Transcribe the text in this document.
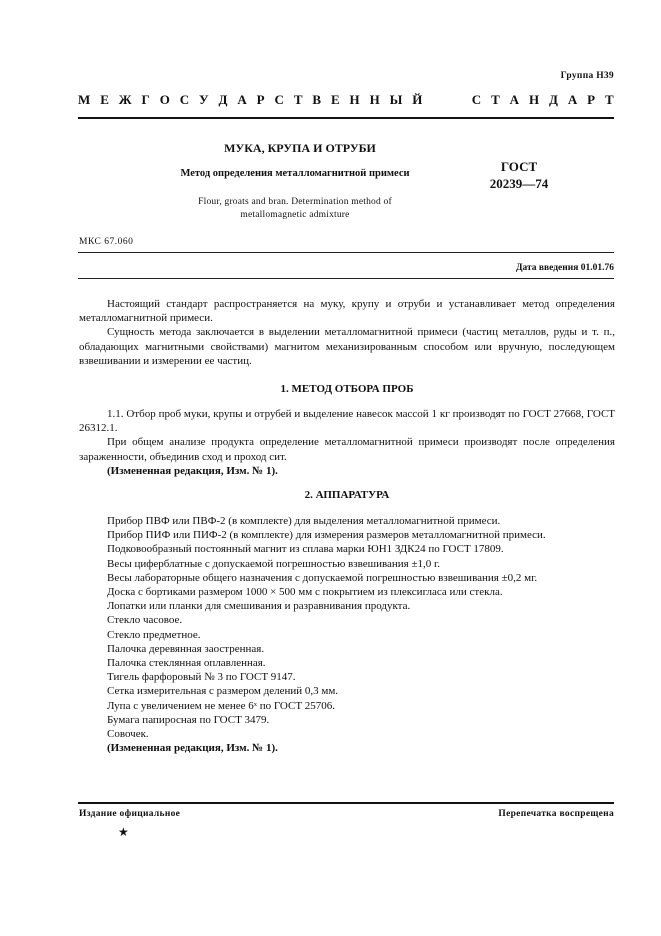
Группа Н39
М Е Ж Г О С У Д А Р С Т В Е Н Н Ы Й

	С Т А Н Д А Р Т
МУКА, КРУПА И ОТРУБИ
Метод определения металломагнитной примеси	ГОСТ
20239—74
Flour, groats and bran. Determination method of
metallomagnetic admixture
МКС 67.060
Дата введения 01.01.76

Настоящий стандарт распространяется на муку, крупу и отруби и устанавливает метод определения металломагнитной примеси.

Сущность метода заключается в выделении металломагнитной примеси (частиц металлов, руды и т. п., обладающих магнитными свойствами) магнитом механизированным способом или вручную, последующем взвешивании и измерении ее частиц.

1. МЕТОД ОТБОРА ПРОБ

1.1. Отбор проб муки, крупы и отрубей и выделение навесок массой 1 кг производят по ГОСТ 27668, ГОСТ 26312.1.

При общем анализе продукта определение металломагнитной примеси производят после определения зараженности, объединив сход и проход сит.

(Измененная редакция, Изм. № 1).

2. АППАРАТУРА
Прибор ПВФ или ПВФ-2 (в комплекте) для выделения металломагнитной примеси.
Прибор ПИФ или ПИФ-2 (в комплекте) для измерения размеров металломагнитной примеси.
Подковообразный постоянный магнит из сплава марки ЮН1 ЗДК24 по ГОСТ 17809.
Весы циферблатные с допускаемой погрешностью взвешивания ±1,0 г.
Весы лабораторные общего назначения с допускаемой погрешностью взвешивания ±0,2 мг.
Доска с бортиками размером 1000 × 500 мм с покрытием из плексигласа или стекла.
Лопатки или планки для смешивания и разравнивания продукта.
Стекло часовое.
Стекло предметное.
Палочка деревянная заостренная.
Палочка стеклянная оплавленная.
Тигель фарфоровый № 3 по ГОСТ 9147.
Сетка измерительная с размером делений 0,3 мм.
Лупа с увеличением не менее 6ˣ по ГОСТ 25706.
Бумага папиросная по ГОСТ 3479.
Совочек.
(Измененная редакция, Изм. № 1).
Издание официальное	Перепечатка воспрещена
★
